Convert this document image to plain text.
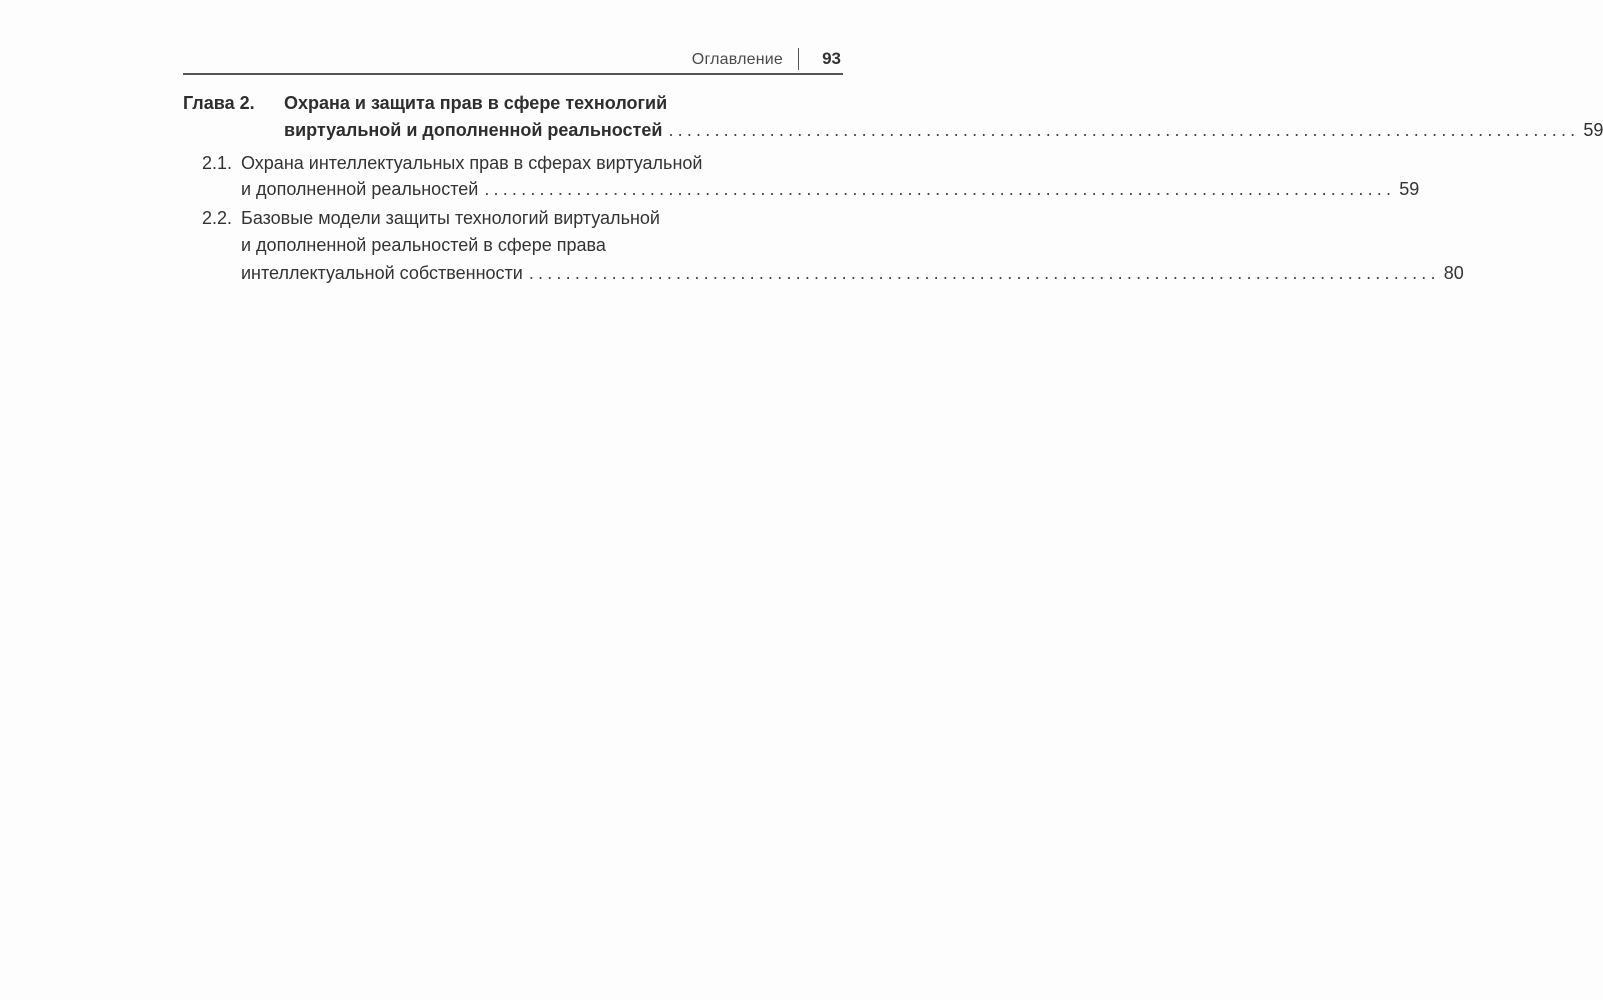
Оглавление 93
Глава 2. Охрана и защита прав в сфере технологий
виртуальной и дополненной реальностей ................................................................................................... 59
2.1. Охрана интеллектуальных прав в сферах виртуальной
и дополненной реальностей ................................................................................................... 59
2.2. Базовые модели защиты технологий виртуальной
и дополненной реальностей в сфере права
интеллектуальной собственности ................................................................................................... 80
